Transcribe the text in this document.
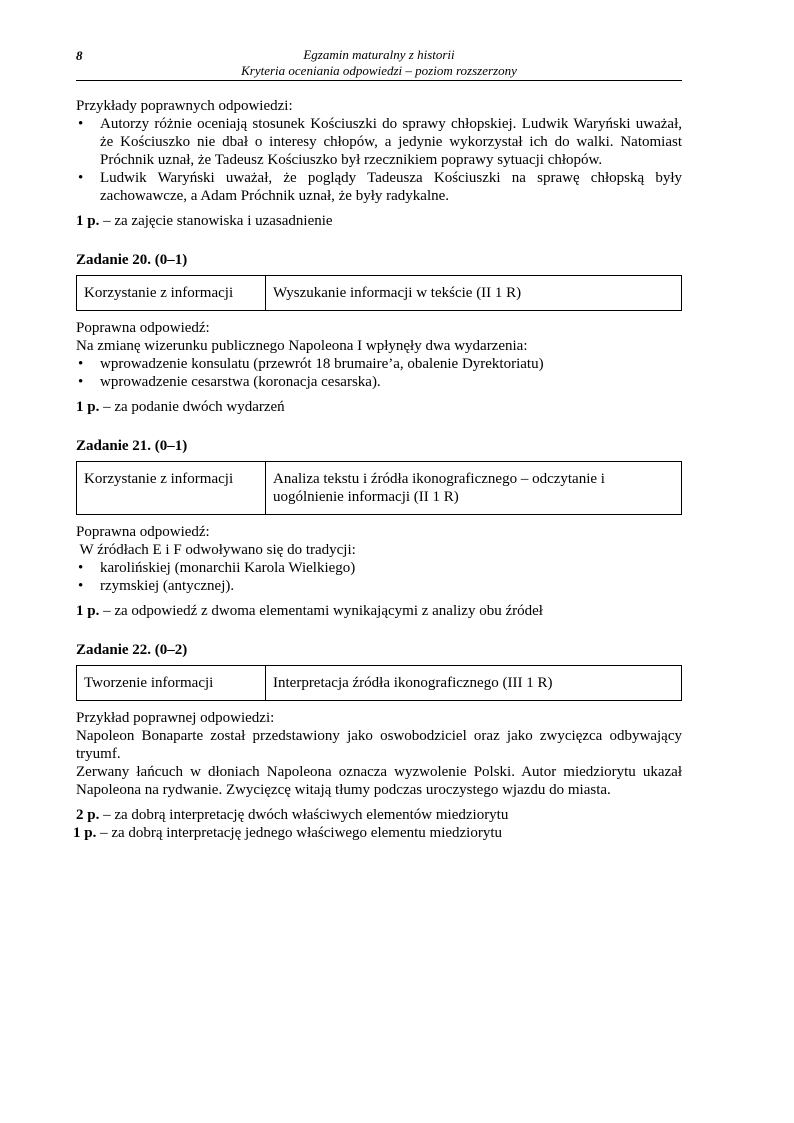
8	Egzamin maturalny z historii
Kryteria oceniania odpowiedzi – poziom rozszerzony

Przykłady poprawnych odpowiedzi:

• Autorzy różnie oceniają stosunek Kościuszki do sprawy chłopskiej. Ludwik Waryński uważał, że Kościuszko nie dbał o interesy chłopów, a jedynie wykorzystał ich do walki. Natomiast Próchnik uznał, że Tadeusz Kościuszko był rzecznikiem poprawy sytuacji chłopów.
• Ludwik Waryński uważał, że poglądy Tadeusza Kościuszki na sprawę chłopską były zachowawcze, a Adam Próchnik uznał, że były radykalne.

1 p. – za zajęcie stanowiska i uzasadnienie

Zadanie 20. (0–1)
Korzystanie z informacji	Wyszukanie informacji w tekście (II 1 R)

Poprawna odpowiedź:

Na zmianę wizerunku publicznego Napoleona I wpłynęły dwa wydarzenia:

• wprowadzenie konsulatu (przewrót 18 brumaire’a, obalenie Dyrektoriatu)
• wprowadzenie cesarstwa (koronacja cesarska).

1 p. – za podanie dwóch wydarzeń

Zadanie 21. (0–1)
Korzystanie z informacji	Analiza tekstu i źródła ikonograficznego – odczytanie i uogólnienie informacji (II 1 R)

Poprawna odpowiedź:

W źródłach E i F odwoływano się do tradycji:

• karolińskiej (monarchii Karola Wielkiego)
• rzymskiej (antycznej).

1 p. – za odpowiedź z dwoma elementami wynikającymi z analizy obu źródeł

Zadanie 22. (0–2)
Tworzenie informacji	Interpretacja źródła ikonograficznego (III 1 R)

Przykład poprawnej odpowiedzi:

Napoleon Bonaparte został przedstawiony jako oswobodziciel oraz jako zwycięzca odbywający tryumf.

Zerwany łańcuch w dłoniach Napoleona oznacza wyzwolenie Polski. Autor miedziorytu ukazał Napoleona na rydwanie. Zwycięzcę witają tłumy podczas uroczystego wjazdu do miasta.

2 p. – za dobrą interpretację dwóch właściwych elementów miedziorytu

1 p. – za dobrą interpretację jednego właściwego elementu miedziorytu
